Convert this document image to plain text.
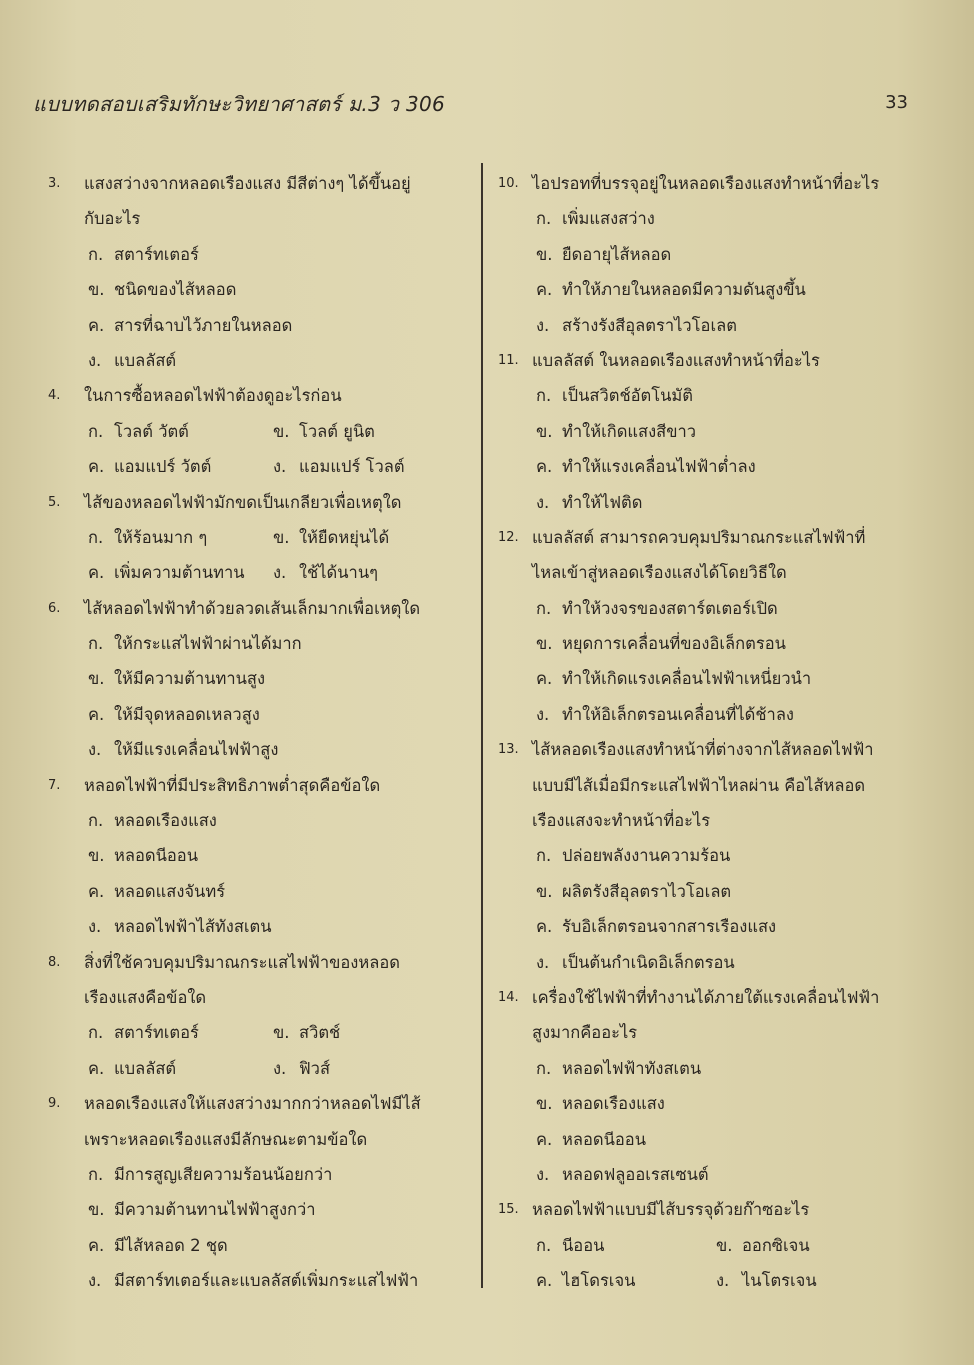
แบบทดสอบเสริมทักษะวิทยาศาสตร์ ม.3 ว 306	33
3.	แสงสว่างจากหลอดเรืองแสง มีสีต่างๆ ได้ขึ้นอยู่
กับอะไร
ก. สตาร์ทเตอร์
ข. ชนิดของไส้หลอด
ค. สารที่ฉาบไว้ภายในหลอด
ง. แบลลัสต์
4.	ในการซื้อหลอดไฟฟ้าต้องดูอะไรก่อน
ก. โวลต์ วัตต์	ข. โวลต์ ยูนิต
ค. แอมแปร์ วัตต์	ง. แอมแปร์ โวลต์
5.	ไส้ของหลอดไฟฟ้ามักขดเป็นเกลียวเพื่อเหตุใด
ก. ให้ร้อนมาก ๆ	ข. ให้ยืดหยุ่นได้
ค. เพิ่มความต้านทาน ง. ใช้ได้นานๆ
6.	ไส้หลอดไฟฟ้าทำด้วยลวดเส้นเล็กมากเพื่อเหตุใด
ก. ให้กระแสไฟฟ้าผ่านได้มาก
ข. ให้มีความต้านทานสูง
ค. ให้มีจุดหลอดเหลวสูง
ง. ให้มีแรงเคลื่อนไฟฟ้าสูง
7.	หลอดไฟฟ้าที่มีประสิทธิภาพต่ำสุดคือข้อใด
ก. หลอดเรืองแสง
ข. หลอดนีออน
ค. หลอดแสงจันทร์
ง. หลอดไฟฟ้าไส้ทังสเตน
8.	สิ่งที่ใช้ควบคุมปริมาณกระแสไฟฟ้าของหลอด
เรืองแสงคือข้อใด
ก. สตาร์ทเตอร์	ข. สวิตช์
ค. แบลลัสต์	ง. ฟิวส์
9.	หลอดเรืองแสงให้แสงสว่างมากกว่าหลอดไฟมีไส้
เพราะหลอดเรืองแสงมีลักษณะตามข้อใด
ก. มีการสูญเสียความร้อนน้อยกว่า
ข. มีความต้านทานไฟฟ้าสูงกว่า
ค. มีไส้หลอด 2 ชุด
ง. มีสตาร์ทเตอร์และแบลลัสต์เพิ่มกระแสไฟฟ้า
10. ไอปรอทที่บรรจุอยู่ในหลอดเรืองแสงทำหน้าที่อะไร
ก. เพิ่มแสงสว่าง
ข. ยืดอายุไส้หลอด
ค. ทำให้ภายในหลอดมีความดันสูงขึ้น
ง. สร้างรังสีอุลตราไวโอเลต
11. แบลลัสต์ ในหลอดเรืองแสงทำหน้าที่อะไร
ก. เป็นสวิตช์อัตโนมัติ
ข. ทำให้เกิดแสงสีขาว
ค. ทำให้แรงเคลื่อนไฟฟ้าต่ำลง
ง. ทำให้ไฟติด
12. แบลลัสต์ สามารถควบคุมปริมาณกระแสไฟฟ้าที่
ไหลเข้าสู่หลอดเรืองแสงได้โดยวิธีใด
ก. ทำให้วงจรของสตาร์ตเตอร์เปิด
ข. หยุดการเคลื่อนที่ของอิเล็กตรอน
ค. ทำให้เกิดแรงเคลื่อนไฟฟ้าเหนี่ยวนำ
ง. ทำให้อิเล็กตรอนเคลื่อนที่ได้ช้าลง
13. ไส้หลอดเรืองแสงทำหน้าที่ต่างจากไส้หลอดไฟฟ้า
แบบมีไส้เมื่อมีกระแสไฟฟ้าไหลผ่าน คือไส้หลอด
เรืองแสงจะทำหน้าที่อะไร
ก. ปล่อยพลังงานความร้อน
ข. ผลิตรังสีอุลตราไวโอเลต
ค. รับอิเล็กตรอนจากสารเรืองแสง
ง. เป็นต้นกำเนิดอิเล็กตรอน
14. เครื่องใช้ไฟฟ้าที่ทำงานได้ภายใต้แรงเคลื่อนไฟฟ้า
สูงมากคืออะไร
ก. หลอดไฟฟ้าทังสเตน
ข. หลอดเรืองแสง
ค. หลอดนีออน
ง. หลอดฟลูออเรสเซนต์
15. หลอดไฟฟ้าแบบมีไส้บรรจุด้วยก๊าซอะไร
ก. นีออน	ข. ออกซิเจน
ค. ไฮโดรเจน	ง. ไนโตรเจน
